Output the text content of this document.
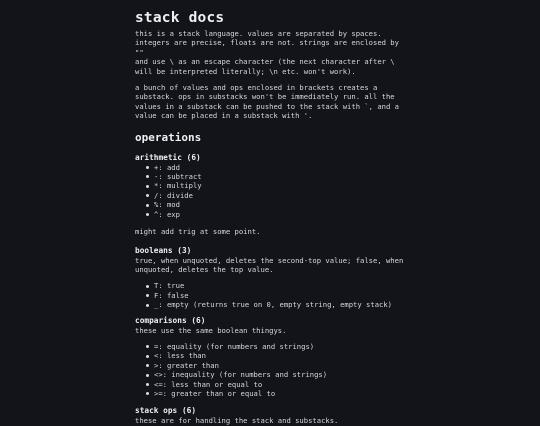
stack docs

this is a stack language. values are separated by spaces.
integers are precise, floats are not. strings are enclosed by ""
and use \ as an escape character (the next character after \
will be interpreted literally; \n etc. won't work).

a bunch of values and ops enclosed in brackets creates a
substack. ops in substacks won't be immediately run. all the
values in a substack can be pushed to the stack with `, and a
value can be placed in a substack with '.

operations
arithmetic (6)
+: add
-: subtract
*: multiply
/: divide
%: mod
^: exp

might add trig at some point.

booleans (3)

true, when unquoted, deletes the second-top value; false, when
unquoted, deletes the top value.

T: true
F: false
_: empty (returns true on 0, empty string, empty stack)
comparisons (6)

these use the same boolean thingys.

=: equality (for numbers and strings)
<: less than
>: greater than
<>: inequality (for numbers and strings)
<=: less than or equal to
>=: greater than or equal to
stack ops (6)

these are for handling the stack and substacks.
